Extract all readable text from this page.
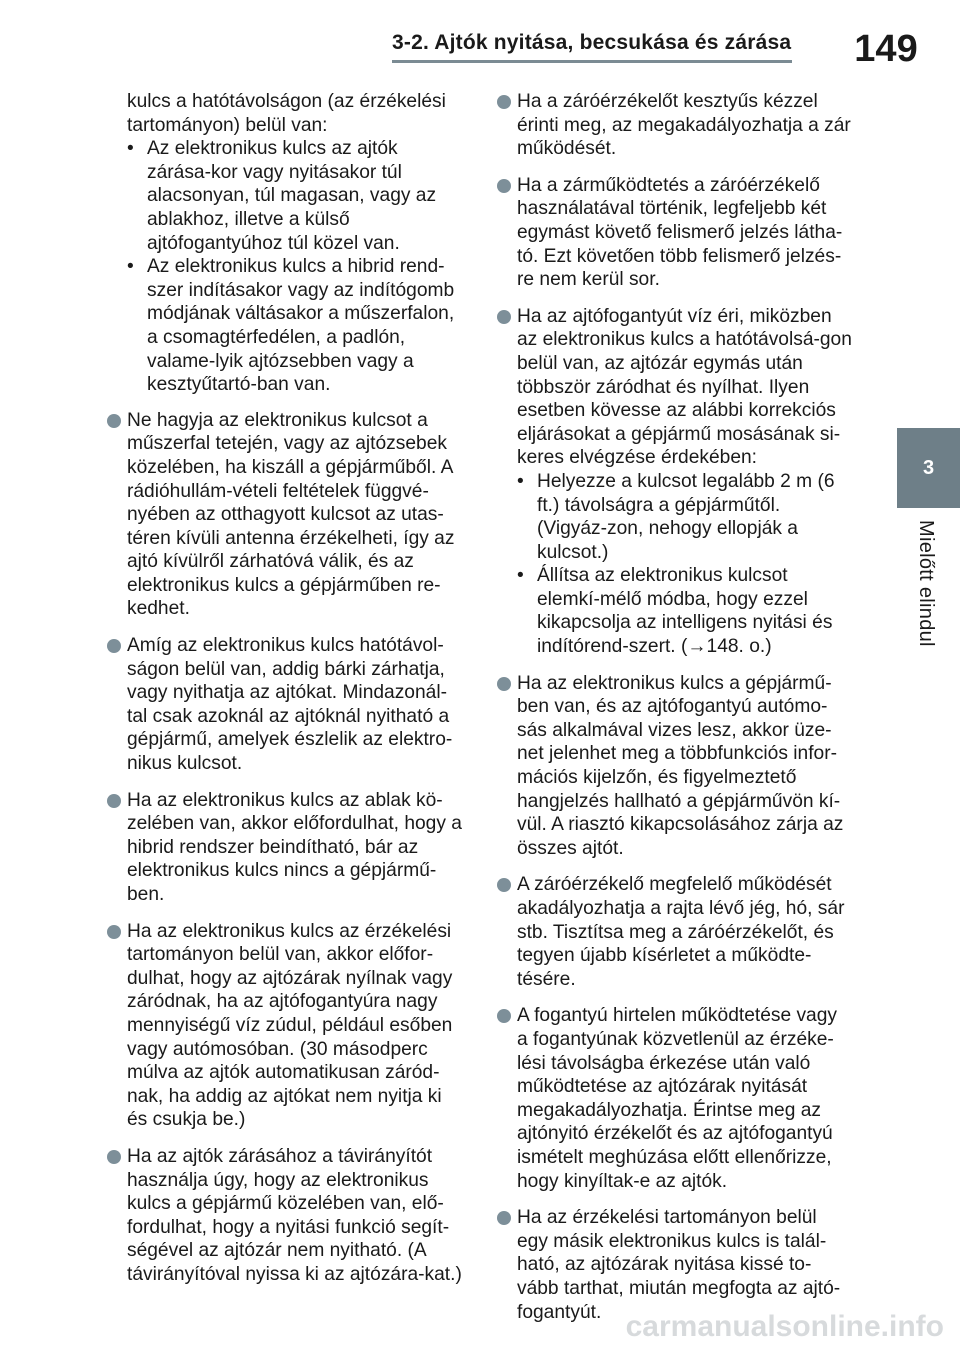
3-2. Ajtók nyitása, becsukása és zárása	149
3
Mielőtt elindul
kulcs a hatótávolságon (az érzékelési tartományon) belül van:
• Az elektronikus kulcs az ajtók zárása-kor vagy nyitásakor túl alacsonyan, túl magasan, vagy az ablakhoz, illetve a külső ajtófogantyúhoz túl közel van.
• Az elektronikus kulcs a hibrid rend-szer indításakor vagy az indítógomb módjának váltásakor a műszerfalon, a csomagtérfedélen, a padlón, valame-lyik ajtózsebben vagy a kesztyűtartó-ban van.
Ne hagyja az elektronikus kulcsot a műszerfal tetején, vagy az ajtózsebek közelében, ha kiszáll a gépjárműből. A rádióhullám-vételi feltételek függvé-nyében az otthagyott kulcsot az utas-téren kívüli antenna érzékelheti, így az ajtó kívülről zárhatóvá válik, és az elektronikus kulcs a gépjárműben re-kedhet.
Amíg az elektronikus kulcs hatótávol-ságon belül van, addig bárki zárhatja, vagy nyithatja az ajtókat. Mindazonál-tal csak azoknál az ajtóknál nyitható a gépjármű, amelyek észlelik az elektro-nikus kulcsot.
Ha az elektronikus kulcs az ablak kö-zelében van, akkor előfordulhat, hogy a hibrid rendszer beindítható, bár az elektronikus kulcs nincs a gépjármű-ben.
Ha az elektronikus kulcs az érzékelési tartományon belül van, akkor előfor-dulhat, hogy az ajtózárak nyílnak vagy záródnak, ha az ajtófogantyúra nagy mennyiségű víz zúdul, például esőben vagy autómosóban. (30 másodperc múlva az ajtók automatikusan záród-nak, ha addig az ajtókat nem nyitja ki és csukja be.)
Ha az ajtók zárásához a távirányítót használja úgy, hogy az elektronikus kulcs a gépjármű közelében van, elő-fordulhat, hogy a nyitási funkció segít-ségével az ajtózár nem nyitható. (A távirányítóval nyissa ki az ajtózára-kat.)
Ha a záróérzékelőt kesztyűs kézzel érinti meg, az megakadályozhatja a zár működését.
Ha a zárműködtetés a záróérzékelő használatával történik, legfeljebb két egymást követő felismerő jelzés látha-tó. Ezt követően több felismerő jelzés-re nem kerül sor.
Ha az ajtófogantyút víz éri, miközben az elektronikus kulcs a hatótávolsá-gon belül van, az ajtózár egymás után többször záródhat és nyílhat. Ilyen esetben kövesse az alábbi korrekciós eljárásokat a gépjármű mosásának si-keres elvégzése érdekében:
• Helyezze a kulcsot legalább 2 m (6 ft.) távolságra a gépjárműtől. (Vigyáz-zon, nehogy ellopják a kulcsot.)
• Állítsa az elektronikus kulcsot elemkí-mélő módba, hogy ezzel kikapcsolja az intelligens nyitási és indítórend-szert. (→148. o.)
Ha az elektronikus kulcs a gépjármű-ben van, és az ajtófogantyú autómo-sás alkalmával vizes lesz, akkor üze-net jelenhet meg a többfunkciós infor-mációs kijelzőn, és figyelmeztető hangjelzés hallható a gépjárművön kí-vül. A riasztó kikapcsolásához zárja az összes ajtót.
A záróérzékelő megfelelő működését akadályozhatja a rajta lévő jég, hó, sár stb. Tisztítsa meg a záróérzékelőt, és tegyen újabb kísérletet a működte-tésére.
A fogantyú hirtelen működtetése vagy a fogantyúnak közvetlenül az érzéke-lési távolságba érkezése után való működtetése az ajtózárak nyitását megakadályozhatja. Érintse meg az ajtónyitó érzékelőt és az ajtófogantyú ismételt meghúzása előtt ellenőrizze, hogy kinyíltak-e az ajtók.
Ha az érzékelési tartományon belül egy másik elektronikus kulcs is talál-ható, az ajtózárak nyitása kissé to-vább tarthat, miután megfogta az ajtó-fogantyút. carmanualsonline.info
